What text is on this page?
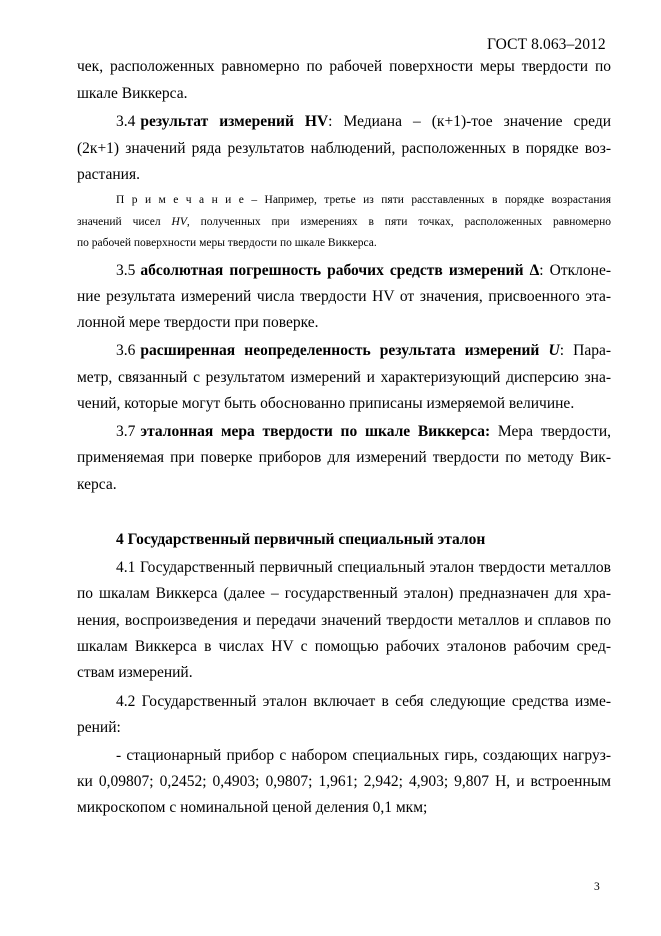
ГОСТ 8.063–2012
чек, расположенных равномерно по рабочей поверхности меры твердости по
шкале Виккерса.
3.4 результат измерений HV: Медиана – (к+1)-тое значение среди
(2к+1) значений ряда результатов наблюдений, расположенных в порядке воз-
растания.
П р и м е ч а н и е – Например, третье из пяти расставленных в порядке возрастания
значений чисел HV, полученных при измерениях в пяти точках, расположенных равномерно
по рабочей поверхности меры твердости по шкале Виккерса.
3.5 абсолютная погрешность рабочих средств измерений Δ: Отклоне-
ние результата измерений числа твердости HV от значения, присвоенного эта-
лонной мере твердости при поверке.
3.6 расширенная неопределенность результата измерений U: Пара-
метр, связанный с результатом измерений и характеризующий дисперсию зна-
чений, которые могут быть обоснованно приписаны измеряемой величине.
3.7 эталонная мера твердости по шкале Виккерса: Мера твердости,
применяемая при поверке приборов для измерений твердости по методу Вик-
керса.
4 Государственный первичный специальный эталон
4.1 Государственный первичный специальный эталон твердости металлов
по шкалам Виккерса (далее – государственный эталон) предназначен для хра-
нения, воспроизведения и передачи значений твердости металлов и сплавов по
шкалам Виккерса в числах HV с помощью рабочих эталонов рабочим сред-
ствам измерений.
4.2 Государственный эталон включает в себя следующие средства изме-
рений:
- стационарный прибор с набором специальных гирь, создающих нагруз-
ки 0,09807; 0,2452; 0,4903; 0,9807; 1,961; 2,942; 4,903; 9,807 Н, и встроенным
микроскопом с номинальной ценой деления 0,1 мкм;
3
